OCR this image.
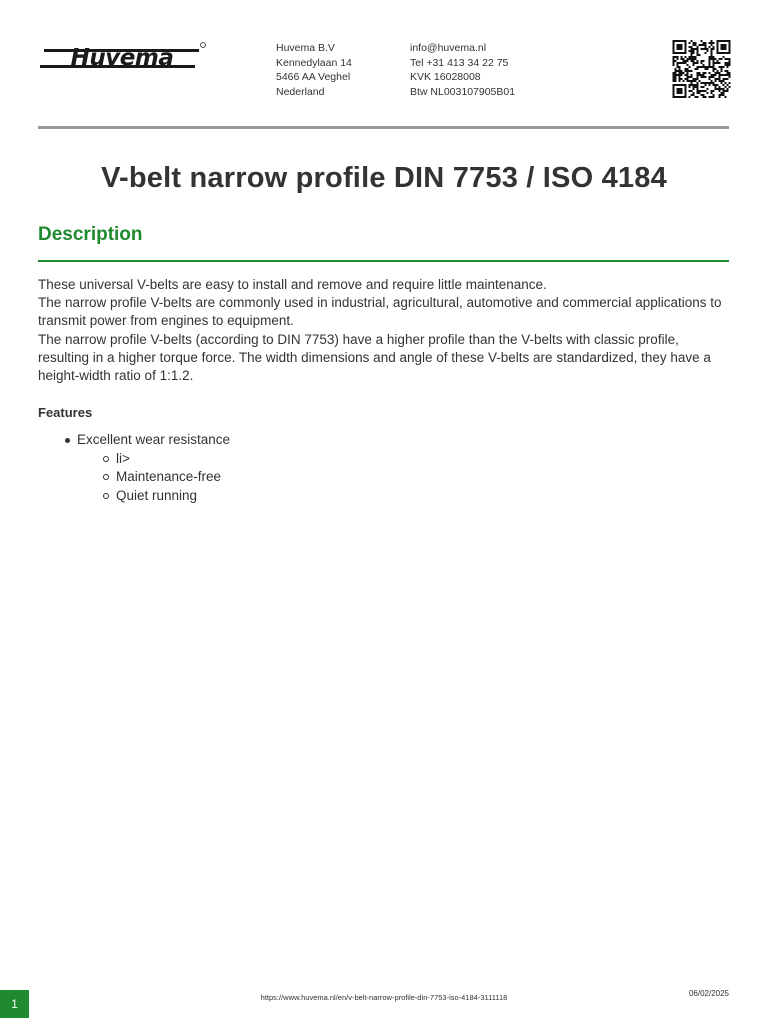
Huvema	Huvema B.V
Kennedylaan 14
5466 AA Veghel
Nederland
info@huvema.nl
Tel +31 413 34 22 75
KVK 16028008
Btw NL003107905B01
V-belt narrow profile DIN 7753 / ISO 4184
Description

These universal V-belts are easy to install and remove and require little maintenance.

The narrow profile V-belts are commonly used in industrial, agricultural, automotive and commercial applications to transmit power from engines to equipment.

The narrow profile V-belts (according to DIN 7753) have a higher profile than the V-belts with classic profile, resulting in a higher torque force. The width dimensions and angle of these V-belts are standardized, they have a height-width ratio of 1:1.2.

Features
Excellent wear resistance
li>
Maintenance-free
Quiet running
1	https://www.huvema.nl/en/v-belt-narrow-profile-din-7753-iso-4184-3111118	06/02/2025
